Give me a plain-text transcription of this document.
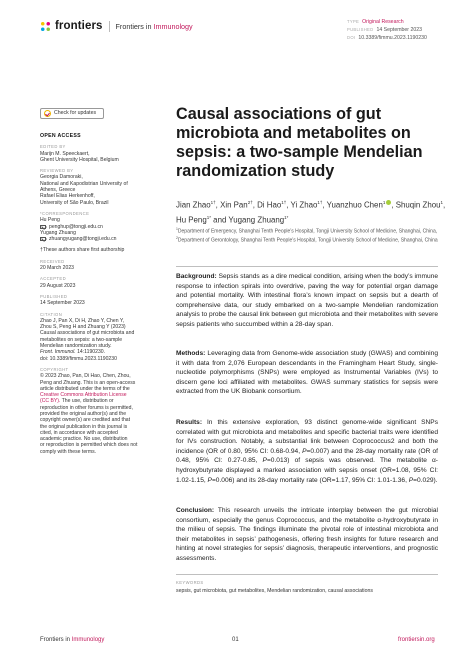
frontiers Frontiers in Immunology	TYPE Original Research
PUBLISHED 14 September 2023
DOI 10.3389/fimmu.2023.1190230
Check for updates
OPEN ACCESS
EDITED BY
Marijn M. Speeckaert,
Ghent University Hospital, Belgium
REVIEWED BY
Georgia Damoraki,
National and Kapodistrian University of
Athens, Greece
Rafael Elias Herkenhoff,
University of São Paulo, Brazil
*CORRESPONDENCE
Hu Peng
penghup@tongji.edu.cn
Yugang Zhuang
zhuangyugang@tongji.edu.cn
†These authors share first authorship
RECEIVED
20 March 2023
ACCEPTED
29 August 2023
PUBLISHED
14 September 2023
CITATION
Zhao J, Pan X, Di H, Zhao Y, Chen Y,
Zhou S, Peng H and Zhuang Y (2023)
Causal associations of gut microbiota and
metabolites on sepsis: a two-sample
Mendelian randomization study.
Front. Immunol. 14:1190230.
doi: 10.3389/fimmu.2023.1190230
COPYRIGHT
© 2023 Zhao, Pan, Di Hao, Chen, Zhou,
Peng and Zhuang. This is an open-access
article distributed under the terms of the
Creative Commons Attribution License
(CC BY). The use, distribution or
reproduction in other forums is permitted,
provided the original author(s) and the
copyright owner(s) are credited and that
the original publication in this journal is
cited, in accordance with accepted
academic practice. No use, distribution
or reproduction is permitted which does not
comply with these terms.
Causal associations of gut microbiota and metabolites on sepsis: a two-sample Mendelian randomization study
Jian Zhao$^{1\dagger}$, Xin Pan$^{2\dagger}$, Di Hao$^{1\dagger}$, Yi Zhao$^{1\dagger}$, Yuanzhuo Chen$^1$ , Shuqin Zhou$^1$, Hu Peng$^{1*}$ and Yugang Zhuang$^{1*}$
$^1$Department of Emergency, Shanghai Tenth People’s Hospital, Tongji University School of Medicine, Shanghai, China, $^2$Department of Gerontology, Shanghai Tenth People’s Hospital, Tongji University School of Medicine, Shanghai, China
Background: Sepsis stands as a dire medical condition, arising when the body’s immune response to infection spirals into overdrive, paving the way for potential organ damage and potential mortality. With intestinal flora’s known impact on sepsis but a dearth of comprehensive data, our study embarked on a two-sample Mendelian randomization analysis to probe the causal link between gut microbiota and their metabolites with severe sepsis patients who succumbed within a 28-day span.
Methods: Leveraging data from Genome-wide association study (GWAS) and combining it with data from 2,076 European descendants in the Framingham Heart Study, single-nucleotide polymorphisms (SNPs) were employed as Instrumental Variables (IVs) to discern gene loci affiliated with metabolites. GWAS summary statistics for sepsis were extracted from the UK Biobank consortium.
Results: In this extensive exploration, 93 distinct genome-wide significant SNPs correlated with gut microbiota and metabolites and specific bacterial traits were identified for IVs construction. Notably, a substantial link between Coprococcus2 and both the incidence (OR of 0.80, 95% CI: 0.68-0.94, P=0.007) and the 28-day mortality rate (OR of 0.48, 95% CI: 0.27-0.85, P=0.013) of sepsis was observed. The metabolite α-hydroxybutyrate displayed a marked association with sepsis onset (OR=1.08, 95% CI: 1.02-1.15, P=0.006) and its 28-day mortality rate (OR=1.17, 95% CI: 1.01-1.36, P=0.029).
Conclusion: This research unveils the intricate interplay between the gut microbial consortium, especially the genus Coprococcus, and the metabolite α-hydroxybutyrate in the milieu of sepsis. The findings illuminate the pivotal role of intestinal microbiota and their metabolites in sepsis’ pathogenesis, offering fresh insights for future research and hinting at novel strategies for sepsis’ diagnosis, therapeutic interventions, and prognostic assessments.
KEYWORDS
sepsis, gut microbiota, gut metabolites, Mendelian randomization, causal associations
Frontiers in Immunology	01	frontiersin.org
